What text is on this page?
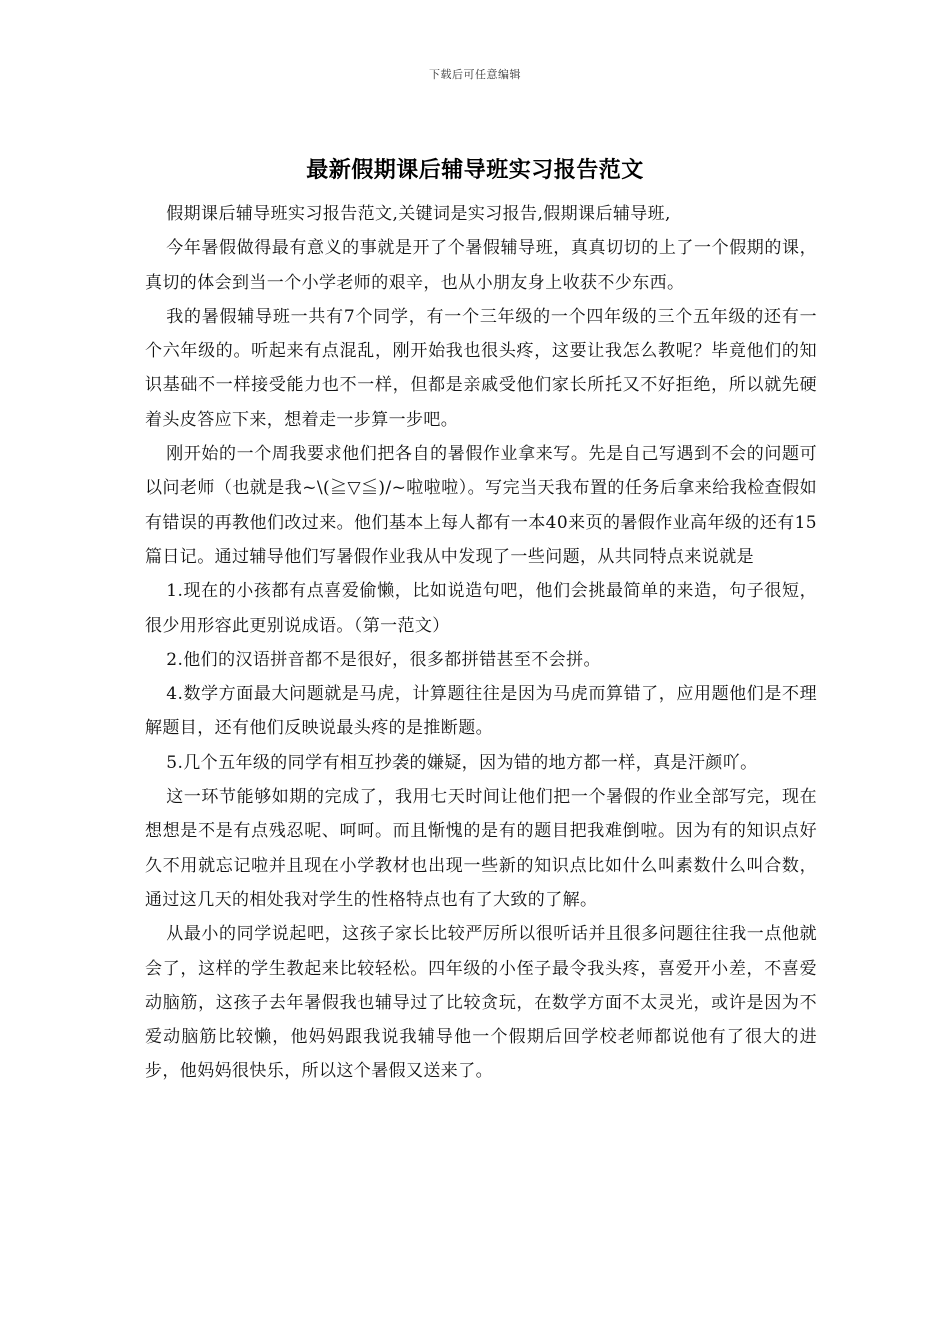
下载后可任意编辑
最新假期课后辅导班实习报告范文

假期课后辅导班实习报告范文,关键词是实习报告,假期课后辅导班,

今年暑假做得最有意义的事就是开了个暑假辅导班，真真切切的上了一个假期的课，真切的体会到当一个小学老师的艰辛，也从小朋友身上收获不少东西。

我的暑假辅导班一共有7个同学，有一个三年级的一个四年级的三个五年级的还有一个六年级的。听起来有点混乱，刚开始我也很头疼，这要让我怎么教呢？毕竟他们的知识基础不一样接受能力也不一样，但都是亲戚受他们家长所托又不好拒绝，所以就先硬着头皮答应下来，想着走一步算一步吧。

刚开始的一个周我要求他们把各自的暑假作业拿来写。先是自己写遇到不会的问题可以问老师（也就是我~\(≧▽≦)/~啦啦啦）。写完当天我布置的任务后拿来给我检查假如有错误的再教他们改过来。他们基本上每人都有一本40来页的暑假作业高年级的还有15篇日记。通过辅导他们写暑假作业我从中发现了一些问题，从共同特点来说就是

1.现在的小孩都有点喜爱偷懒，比如说造句吧，他们会挑最简单的来造，句子很短，很少用形容此更别说成语。（第一范文）

2.他们的汉语拼音都不是很好，很多都拼错甚至不会拼。

4.数学方面最大问题就是马虎，计算题往往是因为马虎而算错了，应用题他们是不理解题目，还有他们反映说最头疼的是推断题。

5.几个五年级的同学有相互抄袭的嫌疑，因为错的地方都一样，真是汗颜吖。

这一环节能够如期的完成了，我用七天时间让他们把一个暑假的作业全部写完，现在想想是不是有点残忍呢、呵呵。而且惭愧的是有的题目把我难倒啦。因为有的知识点好久不用就忘记啦并且现在小学教材也出现一些新的知识点比如什么叫素数什么叫合数，通过这几天的相处我对学生的性格特点也有了大致的了解。

从最小的同学说起吧，这孩子家长比较严厉所以很听话并且很多问题往往我一点他就会了，这样的学生教起来比较轻松。四年级的小侄子最令我头疼，喜爱开小差，不喜爱动脑筋，这孩子去年暑假我也辅导过了比较贪玩，在数学方面不太灵光，或许是因为不爱动脑筋比较懒，他妈妈跟我说我辅导他一个假期后回学校老师都说他有了很大的进步，他妈妈很快乐，所以这个暑假又送来了。
